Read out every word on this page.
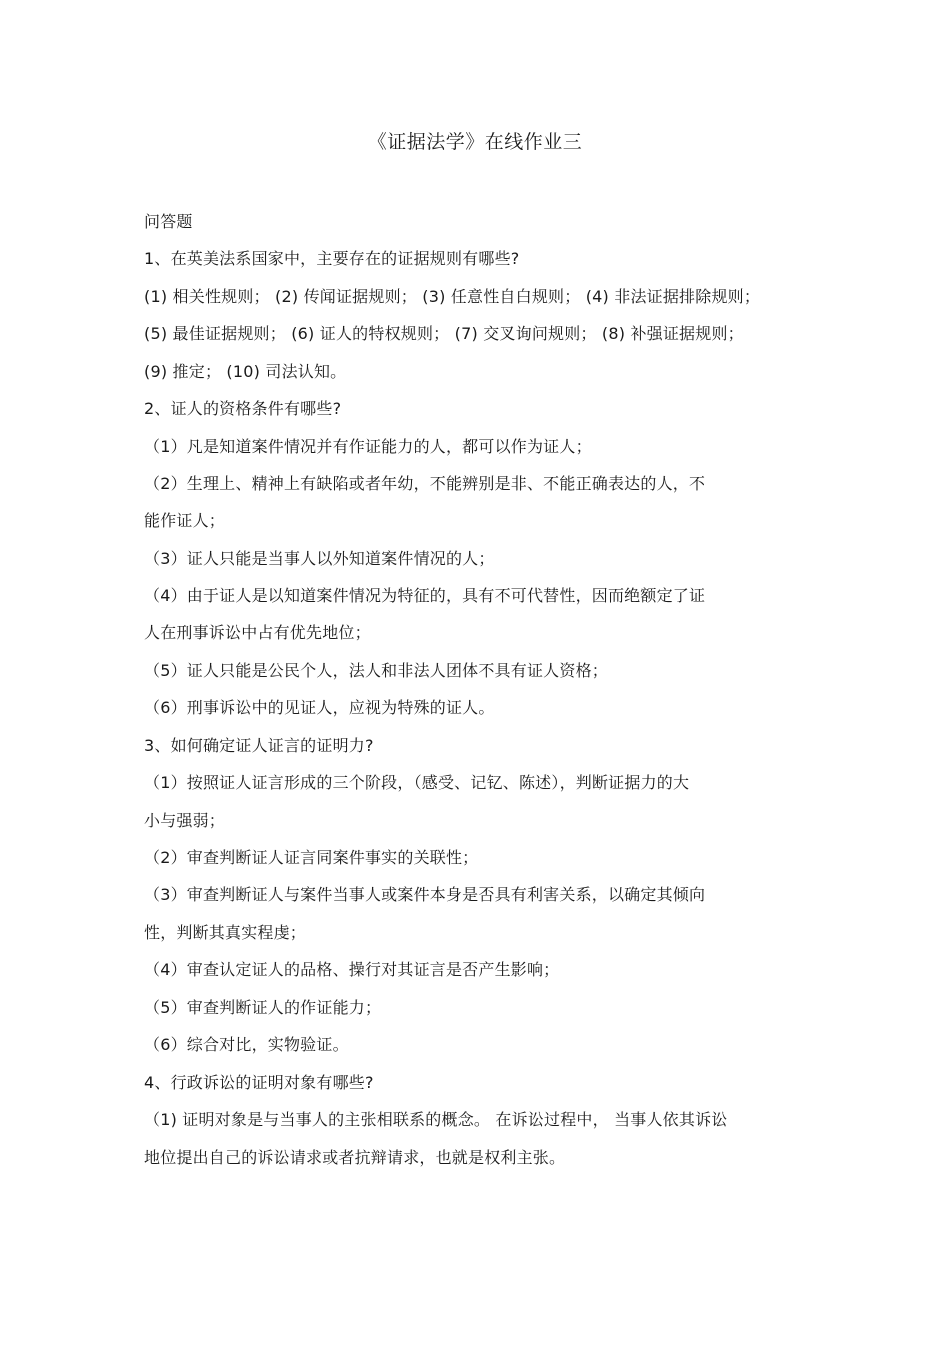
《证据法学》在线作业三
问答题
1、在英美法系国家中，主要存在的证据规则有哪些?
(1) 相关性规则； (2) 传闻证据规则； (3) 任意性自白规则； (4) 非法证据排除规则；
(5) 最佳证据规则； (6) 证人的特权规则； (7) 交叉询问规则； (8) 补强证据规则；
(9) 推定； (10) 司法认知。
2、证人的资格条件有哪些?
（1）凡是知道案件情况并有作证能力的人，都可以作为证人；
（2）生理上、精神上有缺陷或者年幼，不能辨别是非、不能正确表达的人，不
能作证人；
（3）证人只能是当事人以外知道案件情况的人；
（4）由于证人是以知道案件情况为特征的，具有不可代替性，因而绝额定了证
人在刑事诉讼中占有优先地位；
（5）证人只能是公民个人，法人和非法人团体不具有证人资格；
（6）刑事诉讼中的见证人，应视为特殊的证人。
3、如何确定证人证言的证明力?
（1）按照证人证言形成的三个阶段，（感受、记钇、陈述），判断证据力的大
小与强弱；
（2）审查判断证人证言同案件事实的关联性；
（3）审查判断证人与案件当事人或案件本身是否具有利害关系，以确定其倾向
性，判断其真实程虔；
（4）审查认定证人的品格、操行对其证言是否产生影响；
（5）审查判断证人的作证能力；
（6）综合对比，实物验证。
4、行政诉讼的证明对象有哪些?
（1) 证明对象是与当事人的主张相联系的概念。 在诉讼过程中， 当事人依其诉讼
地位提出自己的诉讼请求或者抗辩请求，也就是权利主张。
